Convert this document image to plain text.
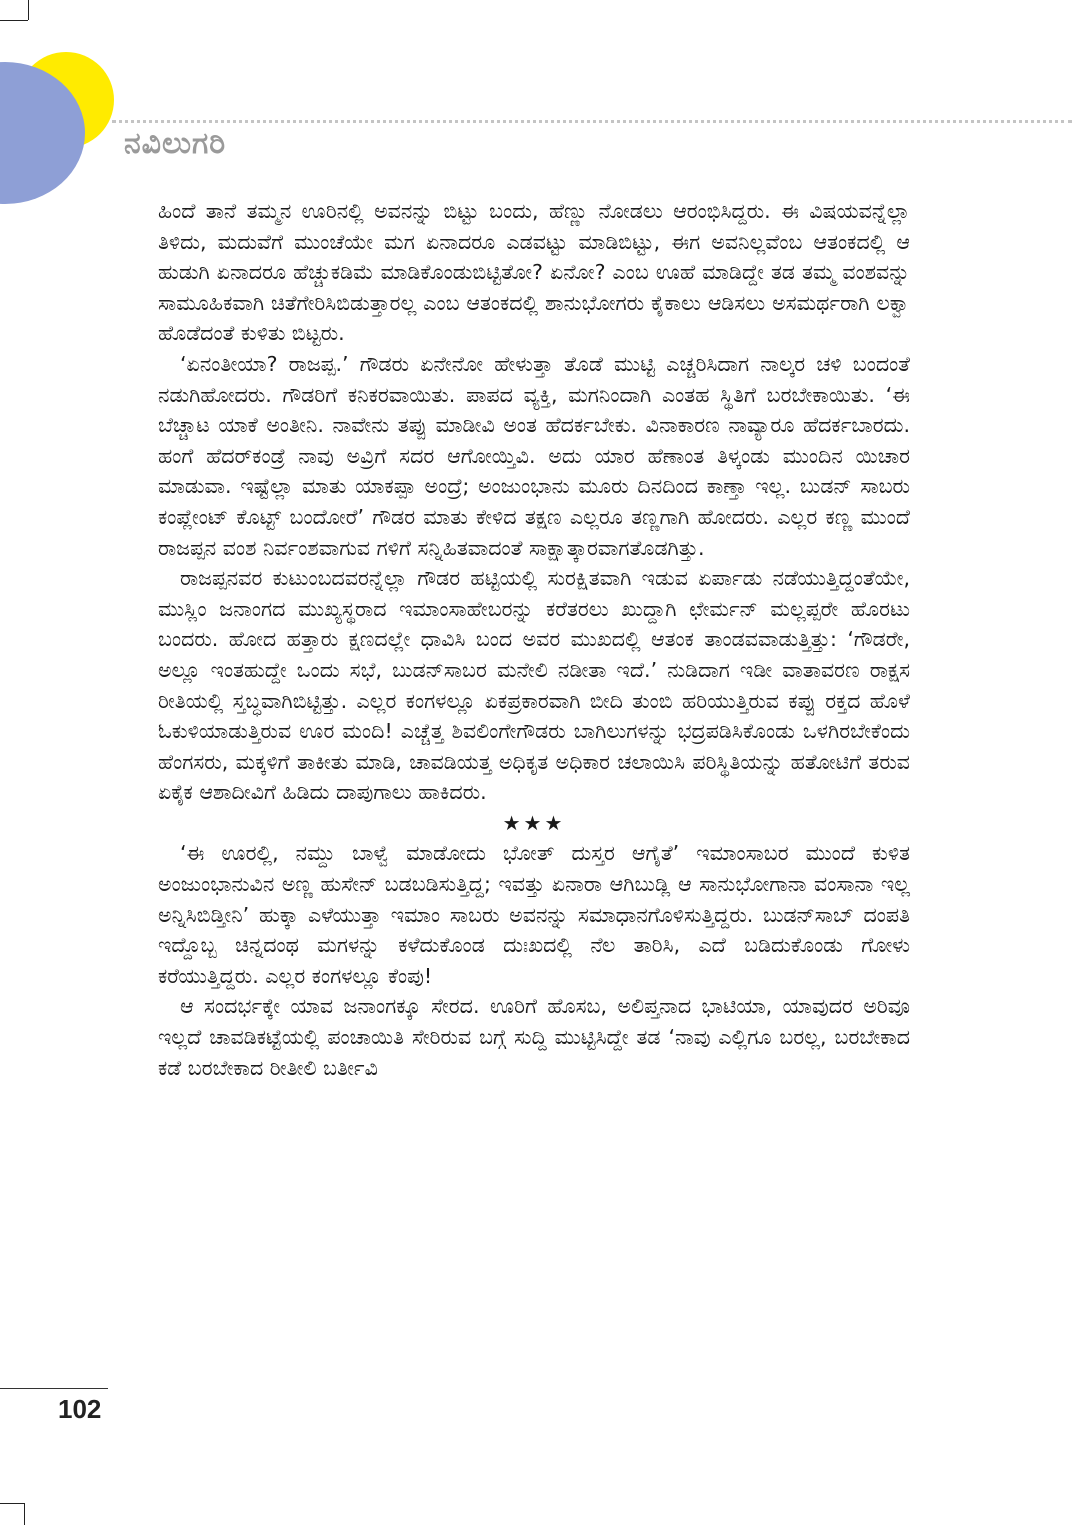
ನವಿಲುಗರಿ

ಹಿಂದೆ ತಾನೆ ತಮ್ಮನ ಊರಿನಲ್ಲಿ ಅವನನ್ನು ಬಿಟ್ಟು ಬಂದು, ಹೆಣ್ಣು ನೋಡಲು ಆರಂಭಿಸಿದ್ದರು. ಈ ವಿಷಯವನ್ನೆಲ್ಲಾ ತಿಳಿದು, ಮದುವೆಗೆ ಮುಂಚೆಯೇ ಮಗ ಏನಾದರೂ ಎಡವಟ್ಟು ಮಾಡಿಬಿಟ್ಟು, ಈಗ ಅವನಿಲ್ಲವೆಂಬ ಆತಂಕದಲ್ಲಿ ಆ ಹುಡುಗಿ ಏನಾದರೂ ಹೆಚ್ಚುಕಡಿಮೆ ಮಾಡಿಕೊಂಡುಬಿಟ್ಟಿತೋ? ಏನೋ? ಎಂಬ ಊಹೆ ಮಾಡಿದ್ದೇ ತಡ ತಮ್ಮ ವಂಶವನ್ನು ಸಾಮೂಹಿಕವಾಗಿ ಚಿತೆಗೇರಿಸಿಬಿಡುತ್ತಾರಲ್ಲ ಎಂಬ ಆತಂಕದಲ್ಲಿ ಶಾನುಭೋಗರು ಕೈಕಾಲು ಆಡಿಸಲು ಅಸಮರ್ಥರಾಗಿ ಲಕ್ವಾ ಹೊಡೆದಂತೆ ಕುಳಿತು ಬಿಟ್ಟರು.

‘ಏನಂತೀಯಾ? ರಾಜಪ್ಪ.’ ಗೌಡರು ಏನೇನೋ ಹೇಳುತ್ತಾ ತೊಡೆ ಮುಟ್ಟಿ ಎಚ್ಚರಿಸಿದಾಗ ನಾಲ್ಕರ ಚಳಿ ಬಂದಂತೆ ನಡುಗಿಹೋದರು. ಗೌಡರಿಗೆ ಕನಿಕರವಾಯಿತು. ಪಾಪದ ವ್ಯಕ್ತಿ, ಮಗನಿಂದಾಗಿ ಎಂತಹ ಸ್ಥಿತಿಗೆ ಬರಬೇಕಾಯಿತು. ‘ಈ ಬೆಚ್ಚಾಟ ಯಾಕೆ ಅಂತೀನಿ. ನಾವೇನು ತಪ್ಪು ಮಾಡೀವಿ ಅಂತ ಹೆದರ್ಕಬೇಕು. ವಿನಾಕಾರಣ ನಾವ್ಯಾರೂ ಹೆದರ್ಕಬಾರದು. ಹಂಗೆ ಹೆದರ್‌ಕಂಡ್ರೆ ನಾವು ಅವ್ರಿಗೆ ಸದರ ಆಗೋಯ್ತಿವಿ. ಅದು ಯಾರ ಹೆಣಾಂತ ತಿಳ್ಕಂಡು ಮುಂದಿನ ಯಿಚಾರ ಮಾಡುವಾ. ಇಷ್ಟೆಲ್ಲಾ ಮಾತು ಯಾಕಪ್ಪಾ ಅಂದ್ರೆ; ಅಂಜುಂಭಾನು ಮೂರು ದಿನದಿಂದ ಕಾಣ್ತಾ ಇಲ್ಲ. ಬುಡನ್ ಸಾಬರು ಕಂಪ್ಲೇಂಟ್ ಕೊಟ್ಟ್ ಬಂದೋರೆ’ ಗೌಡರ ಮಾತು ಕೇಳಿದ ತಕ್ಷಣ ಎಲ್ಲರೂ ತಣ್ಣಗಾಗಿ ಹೋದರು. ಎಲ್ಲರ ಕಣ್ಣ ಮುಂದೆ ರಾಜಪ್ಪನ ವಂಶ ನಿರ್ವಂಶವಾಗುವ ಗಳಿಗೆ ಸನ್ನಿಹಿತವಾದಂತೆ ಸಾಕ್ಷಾತ್ಕಾರವಾಗತೊಡಗಿತ್ತು.

ರಾಜಪ್ಪನವರ ಕುಟುಂಬದವರನ್ನೆಲ್ಲಾ ಗೌಡರ ಹಟ್ಟಿಯಲ್ಲಿ ಸುರಕ್ಷಿತವಾಗಿ ಇಡುವ ಏರ್ಪಾಡು ನಡೆಯುತ್ತಿದ್ದಂತೆಯೇ, ಮುಸ್ಲಿಂ ಜನಾಂಗದ ಮುಖ್ಯಸ್ಥರಾದ ಇಮಾಂಸಾಹೇಬರನ್ನು ಕರೆತರಲು ಖುದ್ದಾಗಿ ಛೇರ್ಮನ್ ಮಲ್ಲಪ್ಪರೇ ಹೊರಟು ಬಂದರು. ಹೋದ ಹತ್ತಾರು ಕ್ಷಣದಲ್ಲೇ ಧಾವಿಸಿ ಬಂದ ಅವರ ಮುಖದಲ್ಲಿ ಆತಂಕ ತಾಂಡವವಾಡುತ್ತಿತ್ತು: ‘ಗೌಡರೇ, ಅಲ್ಲೂ ಇಂತಹುದ್ದೇ ಒಂದು ಸಭೆ, ಬುಡನ್‌ಸಾಬರ ಮನೇಲಿ ನಡೀತಾ ಇದೆ.’ ನುಡಿದಾಗ ಇಡೀ ವಾತಾವರಣ ರಾಕ್ಷಸ ರೀತಿಯಲ್ಲಿ ಸ್ತಬ್ಧವಾಗಿಬಿಟ್ಟಿತ್ತು. ಎಲ್ಲರ ಕಂಗಳಲ್ಲೂ ಏಕಪ್ರಕಾರವಾಗಿ ಬೀದಿ ತುಂಬಿ ಹರಿಯುತ್ತಿರುವ ಕಪ್ಪು ರಕ್ತದ ಹೊಳೆ ಓಕುಳಿಯಾಡುತ್ತಿರುವ ಊರ ಮಂದಿ! ಎಚ್ಚೆತ್ತ ಶಿವಲಿಂಗೇಗೌಡರು ಬಾಗಿಲುಗಳನ್ನು ಭದ್ರಪಡಿಸಿಕೊಂಡು ಒಳಗಿರಬೇಕೆಂದು ಹೆಂಗಸರು, ಮಕ್ಕಳಿಗೆ ತಾಕೀತು ಮಾಡಿ, ಚಾವಡಿಯತ್ತ ಅಧಿಕೃತ ಅಧಿಕಾರ ಚಲಾಯಿಸಿ ಪರಿಸ್ಥಿತಿಯನ್ನು ಹತೋಟಿಗೆ ತರುವ ಏಕೈಕ ಆಶಾದೀವಿಗೆ ಹಿಡಿದು ದಾಪುಗಾಲು ಹಾಕಿದರು.

★★★

‘ಈ ಊರಲ್ಲಿ, ನಮ್ದು ಬಾಳ್ವೆ ಮಾಡೋದು ಭೋತ್ ದುಸ್ತರ ಆಗೈತೆ’ ಇಮಾಂಸಾಬರ ಮುಂದೆ ಕುಳಿತ ಅಂಜುಂಭಾನುವಿನ ಅಣ್ಣ ಹುಸೇನ್ ಬಡಬಡಿಸುತ್ತಿದ್ದ; ಇವತ್ತು ಏನಾರಾ ಆಗಿಬುಡ್ಲಿ ಆ ಸಾನುಭೋಗಾನಾ ವಂಸಾನಾ ಇಲ್ಲ ಅನ್ನಿಸಿಬಿಡ್ತೀನಿ’ ಹುಕ್ಕಾ ಎಳೆಯುತ್ತಾ ಇಮಾಂ ಸಾಬರು ಅವನನ್ನು ಸಮಾಧಾನಗೊಳಿಸುತ್ತಿದ್ದರು. ಬುಡನ್‌ಸಾಬ್ ದಂಪತಿ ಇದ್ದೊಬ್ಬ ಚಿನ್ನದಂಥ ಮಗಳನ್ನು ಕಳೆದುಕೊಂಡ ದುಃಖದಲ್ಲಿ ನೆಲ ತಾರಿಸಿ, ಎದೆ ಬಡಿದುಕೊಂಡು ಗೋಳು ಕರೆಯುತ್ತಿದ್ದರು. ಎಲ್ಲರ ಕಂಗಳಲ್ಲೂ ಕೆಂಪು!

ಆ ಸಂದರ್ಭಕ್ಕೇ ಯಾವ ಜನಾಂಗಕ್ಕೂ ಸೇರದ. ಊರಿಗೆ ಹೊಸಬ, ಅಲಿಪ್ತನಾದ ಭಾಟಿಯಾ, ಯಾವುದರ ಅರಿವೂ ಇಲ್ಲದೆ ಚಾವಡಿಕಟ್ಟೆಯಲ್ಲಿ ಪಂಚಾಯಿತಿ ಸೇರಿರುವ ಬಗ್ಗೆ ಸುದ್ದಿ ಮುಟ್ಟಿಸಿದ್ದೇ ತಡ ‘ನಾವು ಎಲ್ಲಿಗೂ ಬರಲ್ಲ, ಬರಬೇಕಾದ ಕಡೆ ಬರಬೇಕಾದ ರೀತೀಲಿ ಬರ್ತೀವಿ

102
